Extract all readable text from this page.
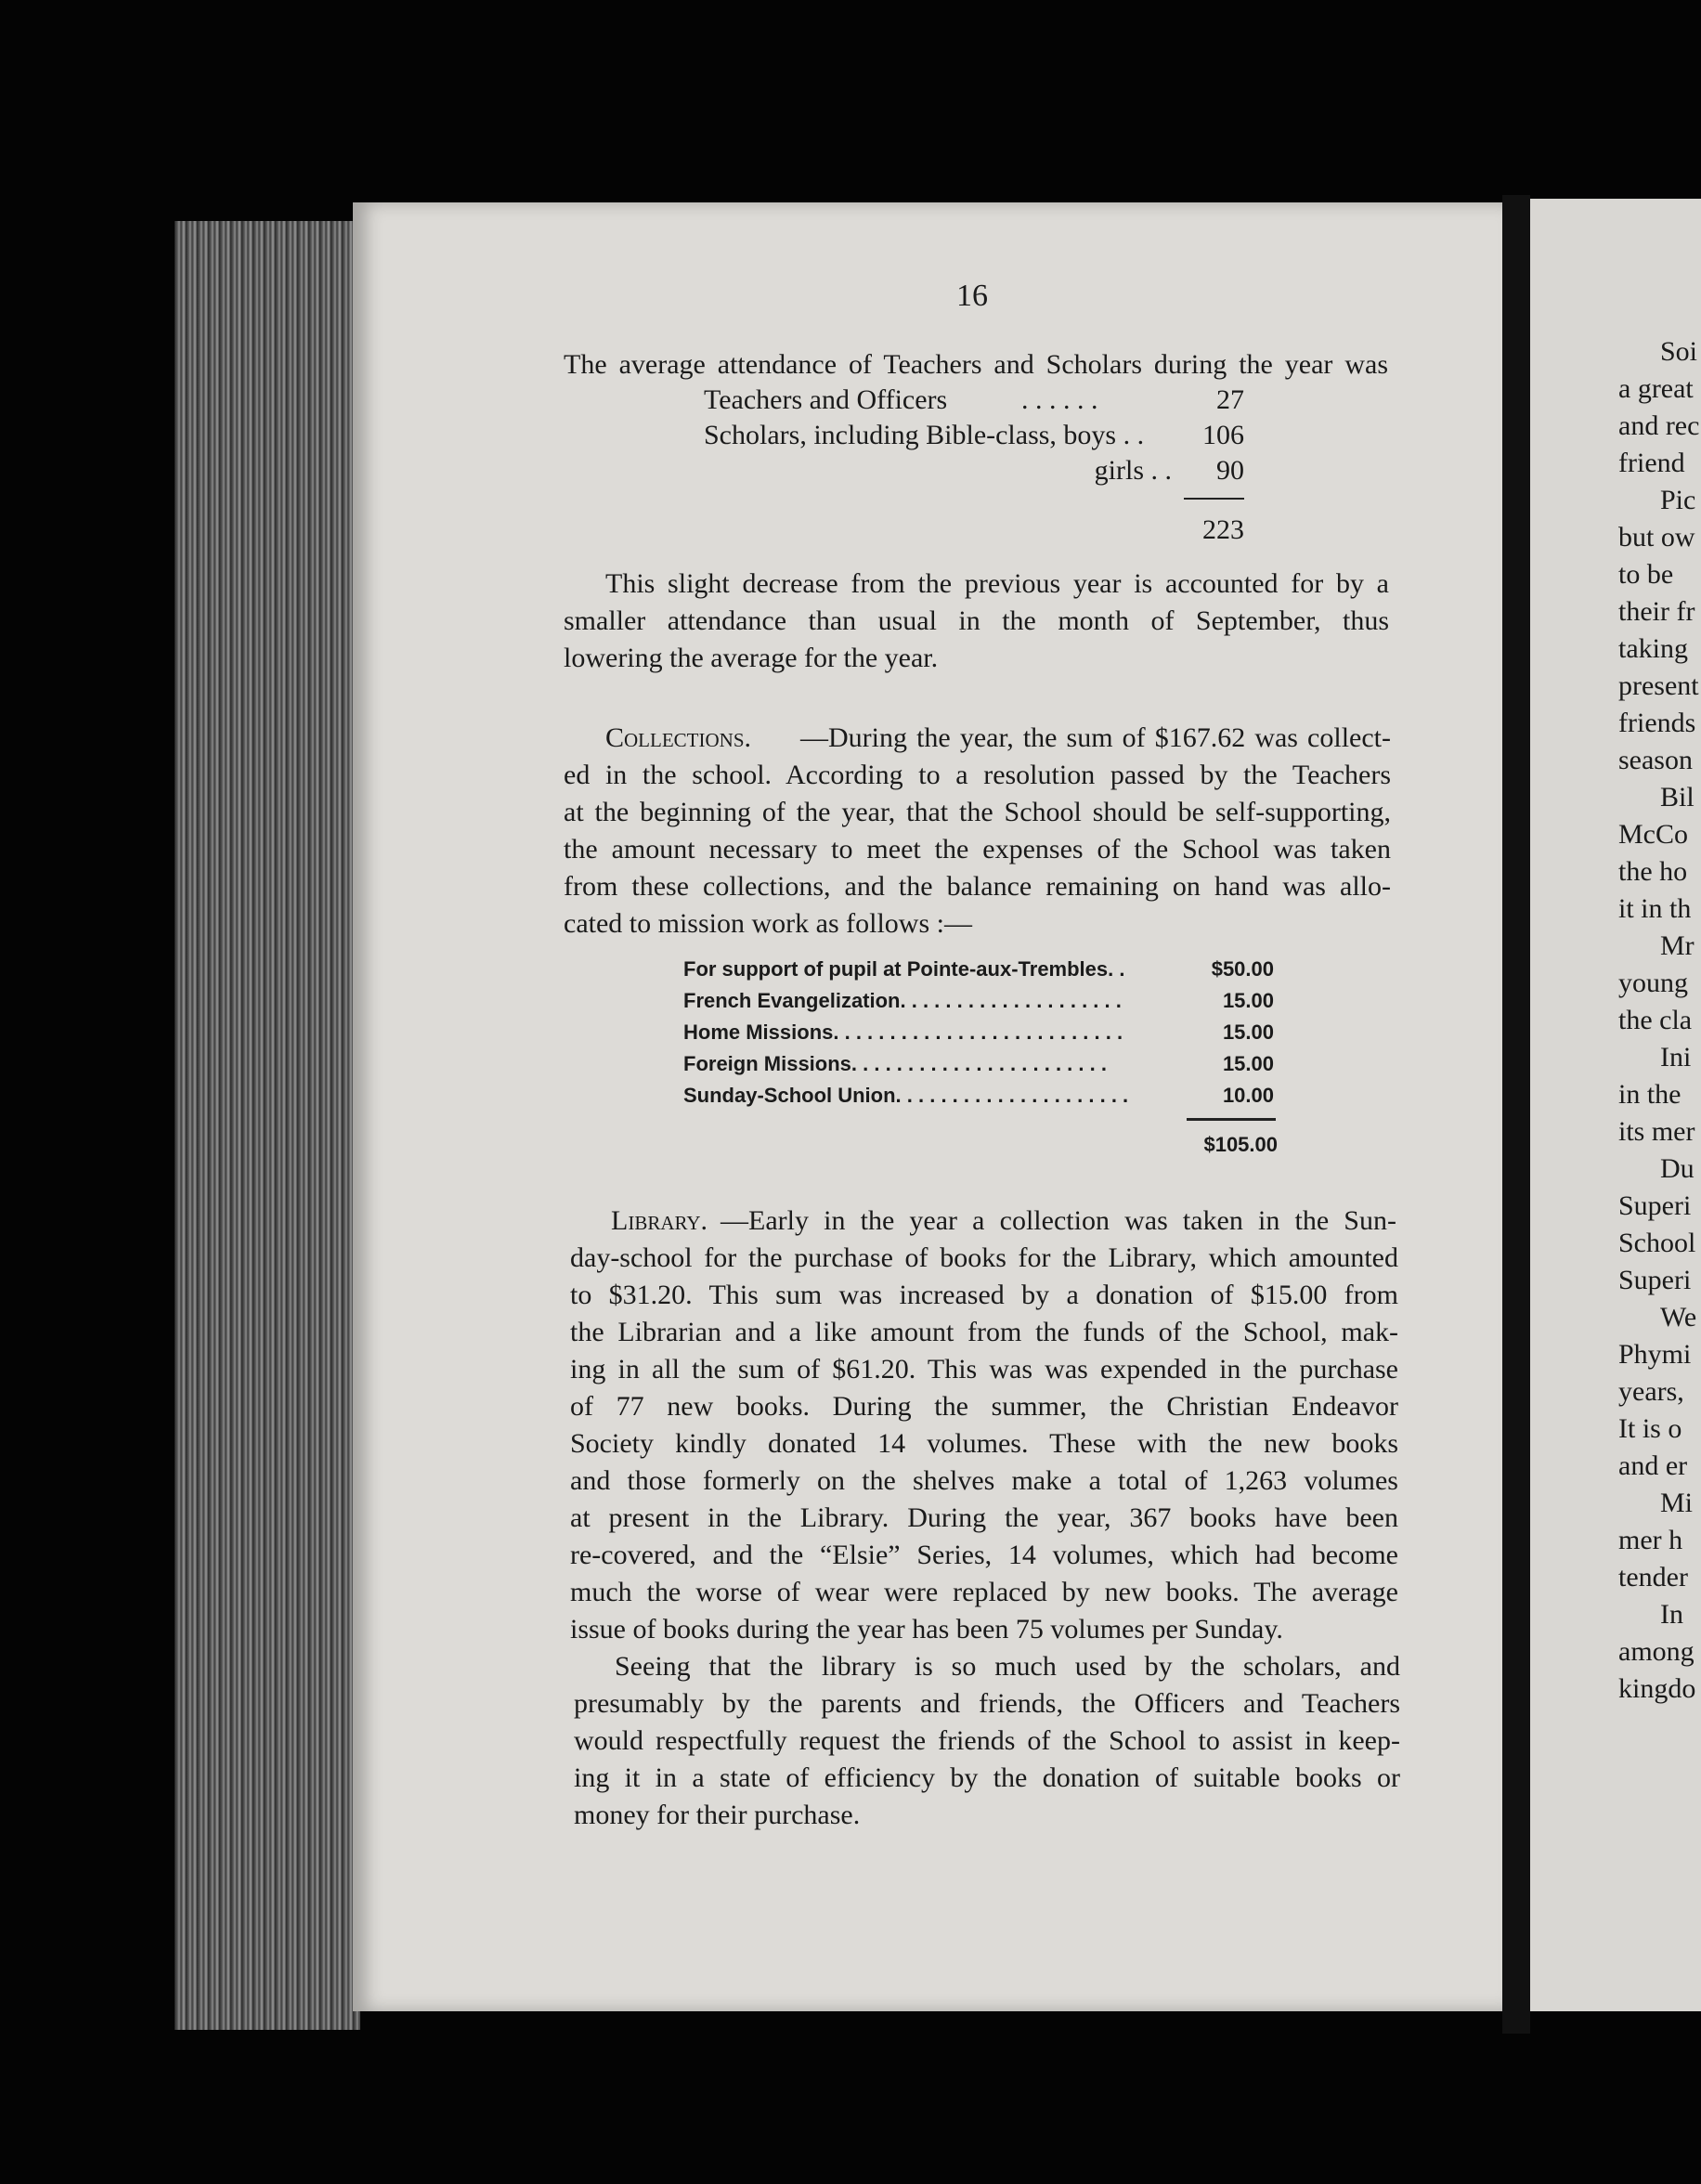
Soi
a great
and rec
friend
Pic
but ow
to be
their fr
taking
present
friends
season
Bil
McCo
the ho
it in th
Mr
young
the cla
Ini
in the
its mer
Du
Superi
School
Superi
We
Phymi
years,
It is o
and er
Mi
mer h
tender
In
among
kingdo
16
The average attendance of Teachers and Scholars during the year was
Teachers and Officers	. . . . . .	27
Scholars, including Bible-class, boys . .	106
girls . .	90
223
This slight decrease from the previous year is accounted for by a
smaller attendance than usual in the month of September, thus
lowering the average for the year.
Collections. —During the year, the sum of $167.62 was collect-
ed in the school. According to a resolution passed by the Teachers
at the beginning of the year, that the School should be self-supporting,
the amount necessary to meet the expenses of the School was taken
from these collections, and the balance remaining on hand was allo-
cated to mission work as follows :—
For support of pupil at Pointe-aux-Trembles. .	$50.00
French Evangelization. . . . . . . . . . . . . . . . . . . .	15.00
Home Missions. . . . . . . . . . . . . . . . . . . . . . . . . .	15.00
Foreign Missions. . . . . . . . . . . . . . . . . . . . . . .	15.00
Sunday-School Union. . . . . . . . . . . . . . . . . . . . .	10.00
$105.00
Library. —Early in the year a collection was taken in the Sun-
day-school for the purchase of books for the Library, which amounted
to $31.20. This sum was increased by a donation of $15.00 from
the Librarian and a like amount from the funds of the School, mak-
ing in all the sum of $61.20. This was was expended in the purchase
of 77 new books. During the summer, the Christian Endeavor
Society kindly donated 14 volumes. These with the new books
and those formerly on the shelves make a total of 1,263 volumes
at present in the Library. During the year, 367 books have been
re-covered, and the “Elsie” Series, 14 volumes, which had become
much the worse of wear were replaced by new books. The average
issue of books during the year has been 75 volumes per Sunday.
Seeing that the library is so much used by the scholars, and
presumably by the parents and friends, the Officers and Teachers
would respectfully request the friends of the School to assist in keep-
ing it in a state of efficiency by the donation of suitable books or
money for their purchase.
